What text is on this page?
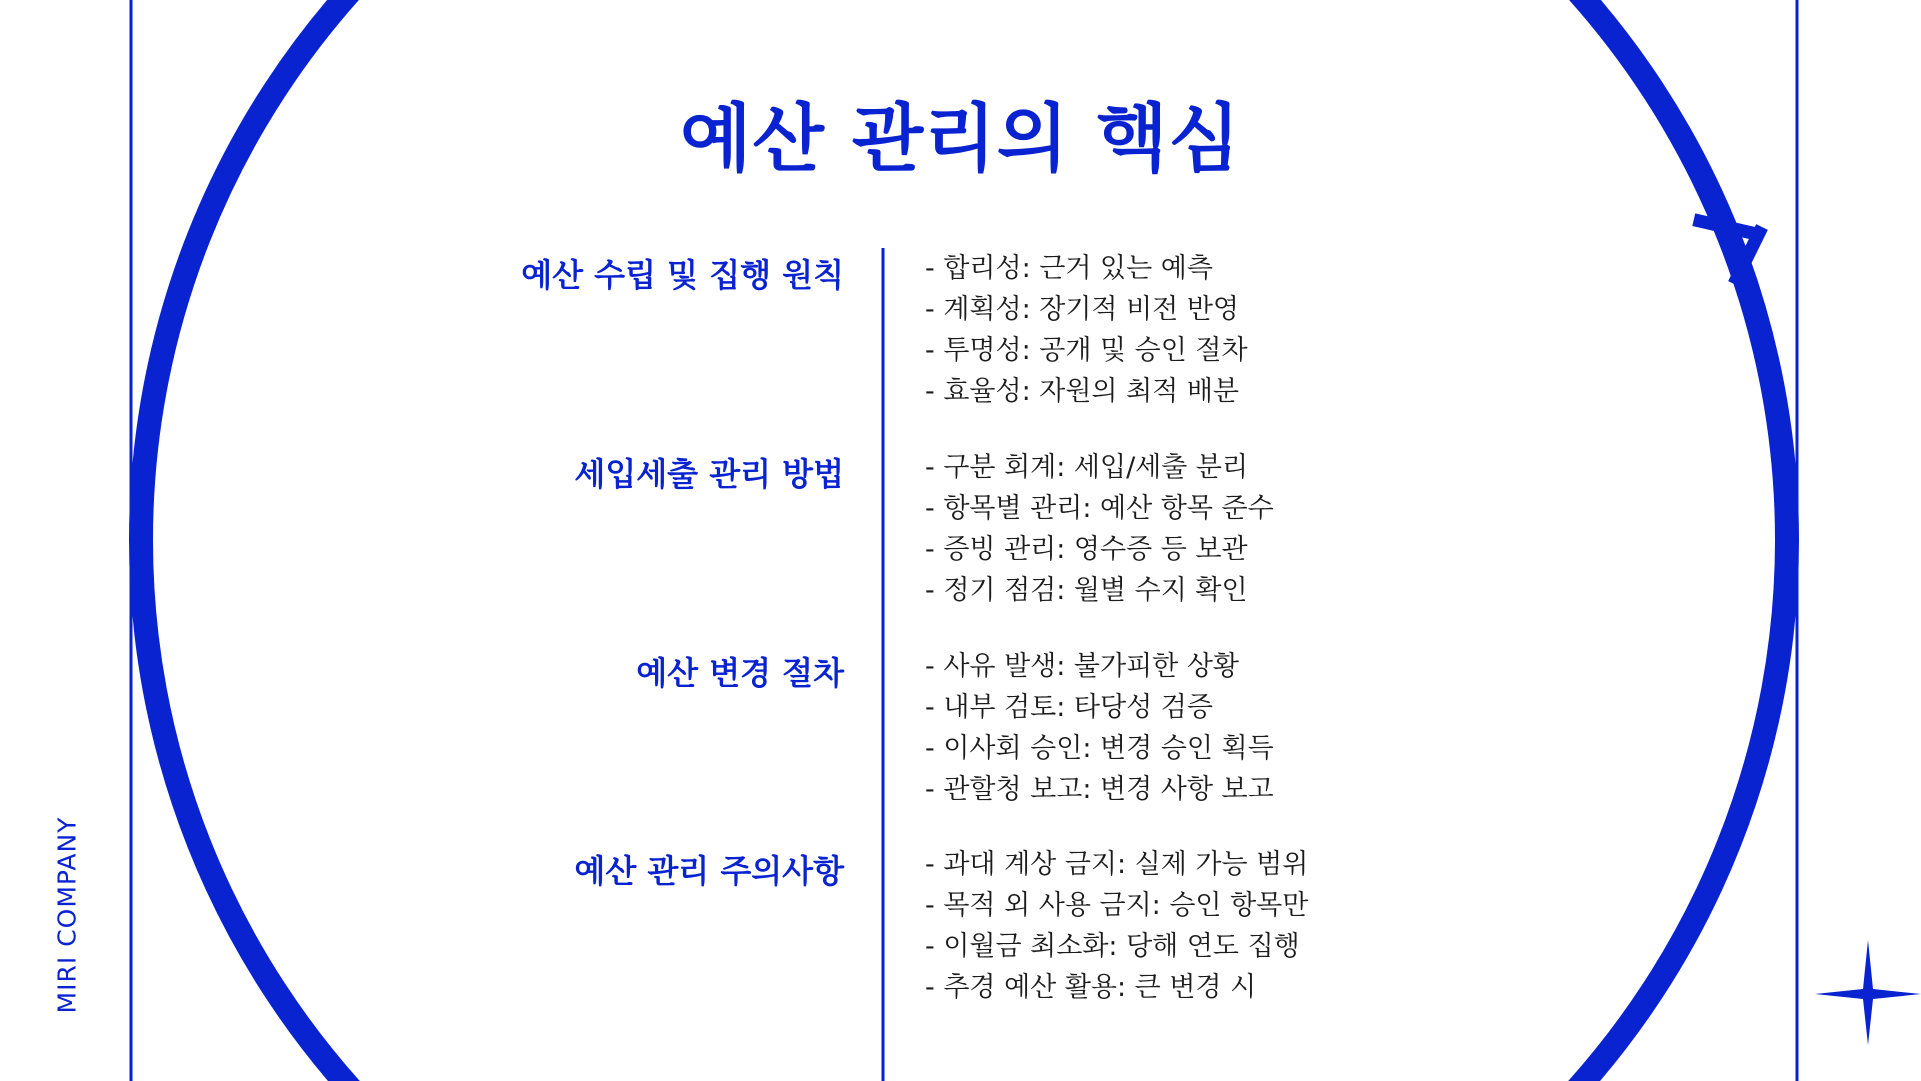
예산 관리의 핵심
MIRI COMPANY
예산 수립 및 집행 원칙	- 합리성: 근거 있는 예측
- 계획성: 장기적 비전 반영
- 투명성: 공개 및 승인 절차
- 효율성: 자원의 최적 배분
세입세출 관리 방법	- 구분 회계: 세입/세출 분리
- 항목별 관리: 예산 항목 준수
- 증빙 관리: 영수증 등 보관
- 정기 점검: 월별 수지 확인
예산 변경 절차	- 사유 발생: 불가피한 상황
- 내부 검토: 타당성 검증
- 이사회 승인: 변경 승인 획득
- 관할청 보고: 변경 사항 보고
예산 관리 주의사항	- 과대 계상 금지: 실제 가능 범위
- 목적 외 사용 금지: 승인 항목만
- 이월금 최소화: 당해 연도 집행
- 추경 예산 활용: 큰 변경 시
